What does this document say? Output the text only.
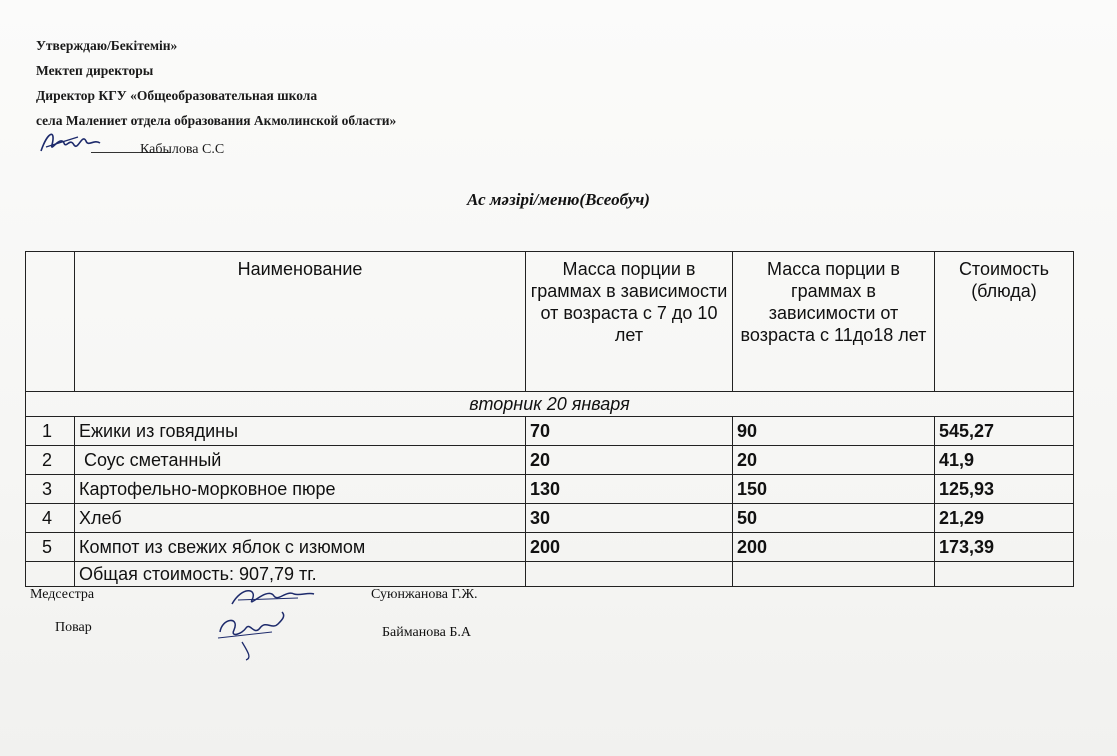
Утверждаю/Бекітемін»
Мектеп директоры
Директор КГУ «Общеобразовательная школа
села Малениет отдела образования Акмолинской области»
Кабылова С.С
Ас мәзірі/меню(Всеобуч)
	Наименование	Масса порции в граммах в зависимости от возраста с 7 до 10 лет	Масса порции в граммах в зависимости от возраста с 11до18 лет	Стоимость (блюда)
вторник 20 января				
1	Ежики из говядины	70	90	545,27
2	Соус сметанный	20	20	41,9
3	Картофельно-морковное пюре	130	150	125,93
4	Хлеб	30	50	21,29
5	Компот из свежих яблок с изюмом	200	200	173,39
	Общая стоимость: 907,79 тг.			
Медсестра	Суюнжанова Г.Ж.
Повар	Байманова Б.А
